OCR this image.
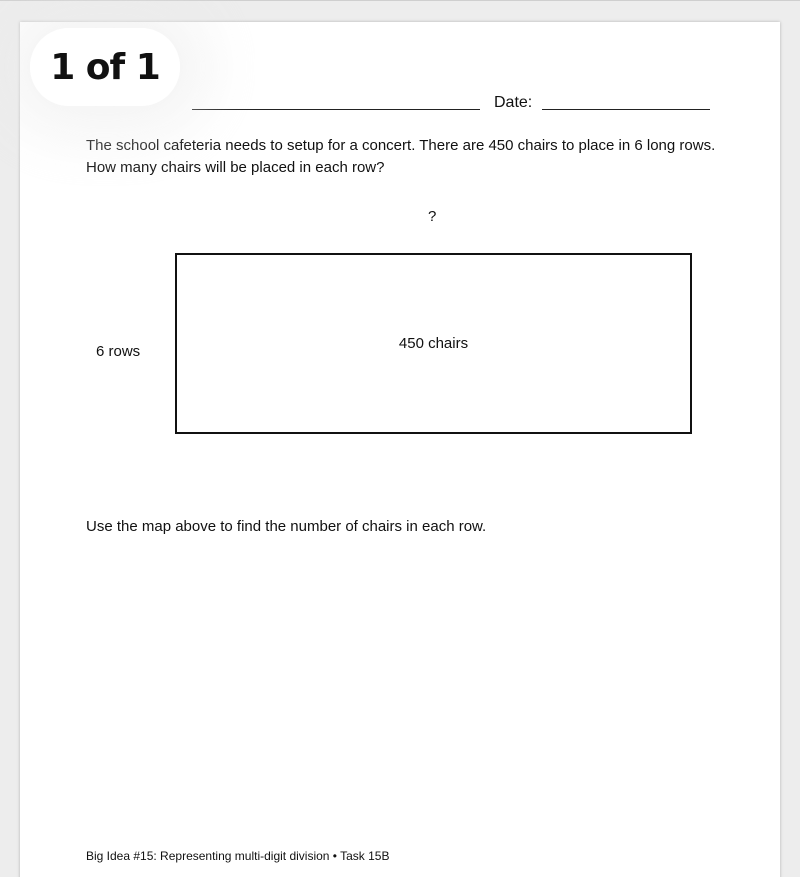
Date:
The school cafeteria needs to setup for a concert. There are 450 chairs to place in 6 long rows. How many chairs will be placed in each row?
?
6 rows	450 chairs
Use the map above to find the number of chairs in each row.
Big Idea #15: Representing multi-digit division • Task 15B
1 of 1
